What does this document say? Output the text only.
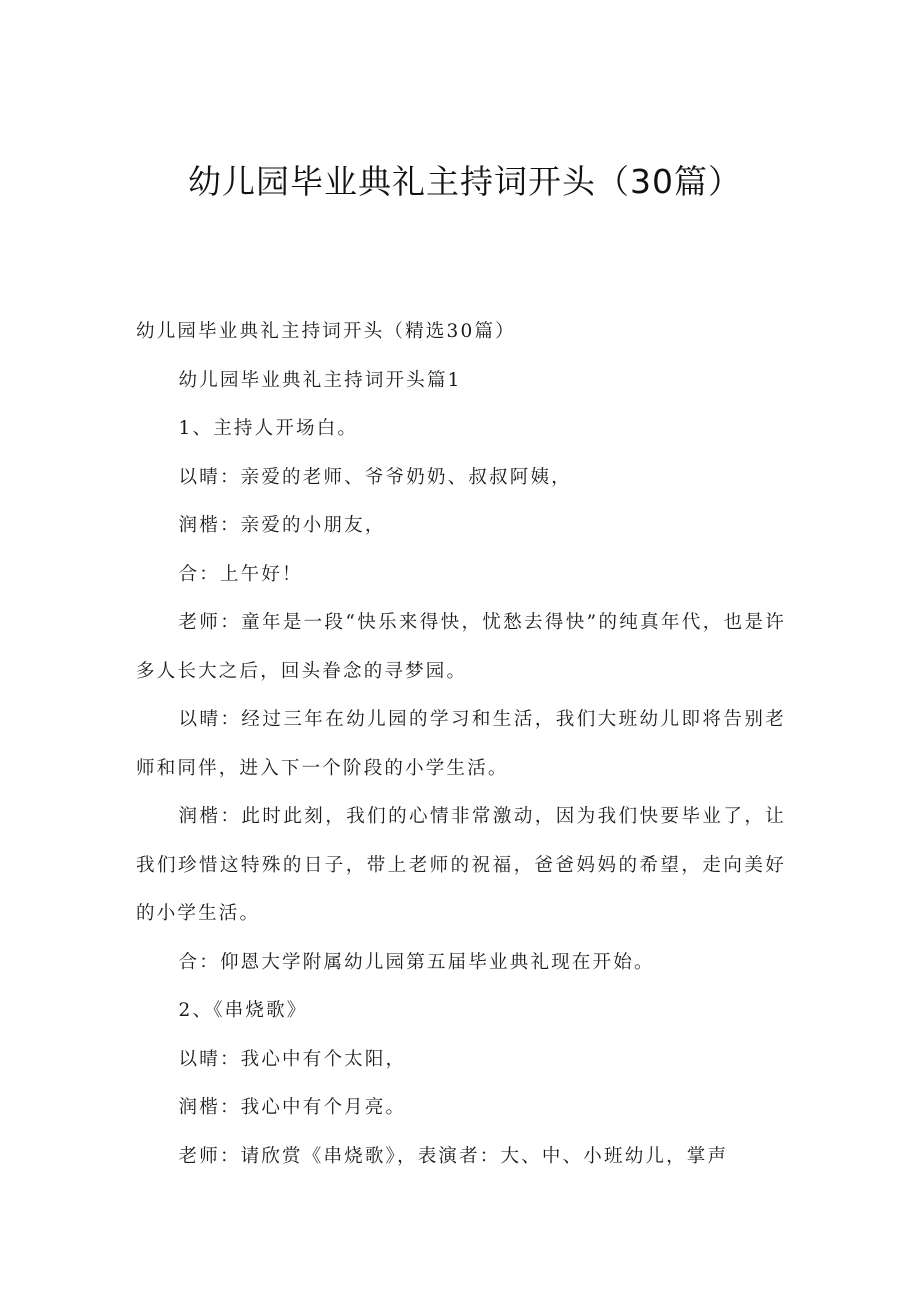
幼儿园毕业典礼主持词开头（30篇）

幼儿园毕业典礼主持词开头（精选30篇）

幼儿园毕业典礼主持词开头篇1

1、主持人开场白。

以晴：亲爱的老师、爷爷奶奶、叔叔阿姨，

润楷：亲爱的小朋友，

合：上午好！

老师：童年是一段“快乐来得快，忧愁去得快”的纯真年代，也是许多人长大之后，回头眷念的寻梦园。

以晴：经过三年在幼儿园的学习和生活，我们大班幼儿即将告别老师和同伴，进入下一个阶段的小学生活。

润楷：此时此刻，我们的心情非常激动，因为我们快要毕业了，让我们珍惜这特殊的日子，带上老师的祝福，爸爸妈妈的希望，走向美好的小学生活。

合：仰恩大学附属幼儿园第五届毕业典礼现在开始。

2、《串烧歌》

以晴：我心中有个太阳，

润楷：我心中有个月亮。

老师：请欣赏《串烧歌》，表演者：大、中、小班幼儿，掌声
